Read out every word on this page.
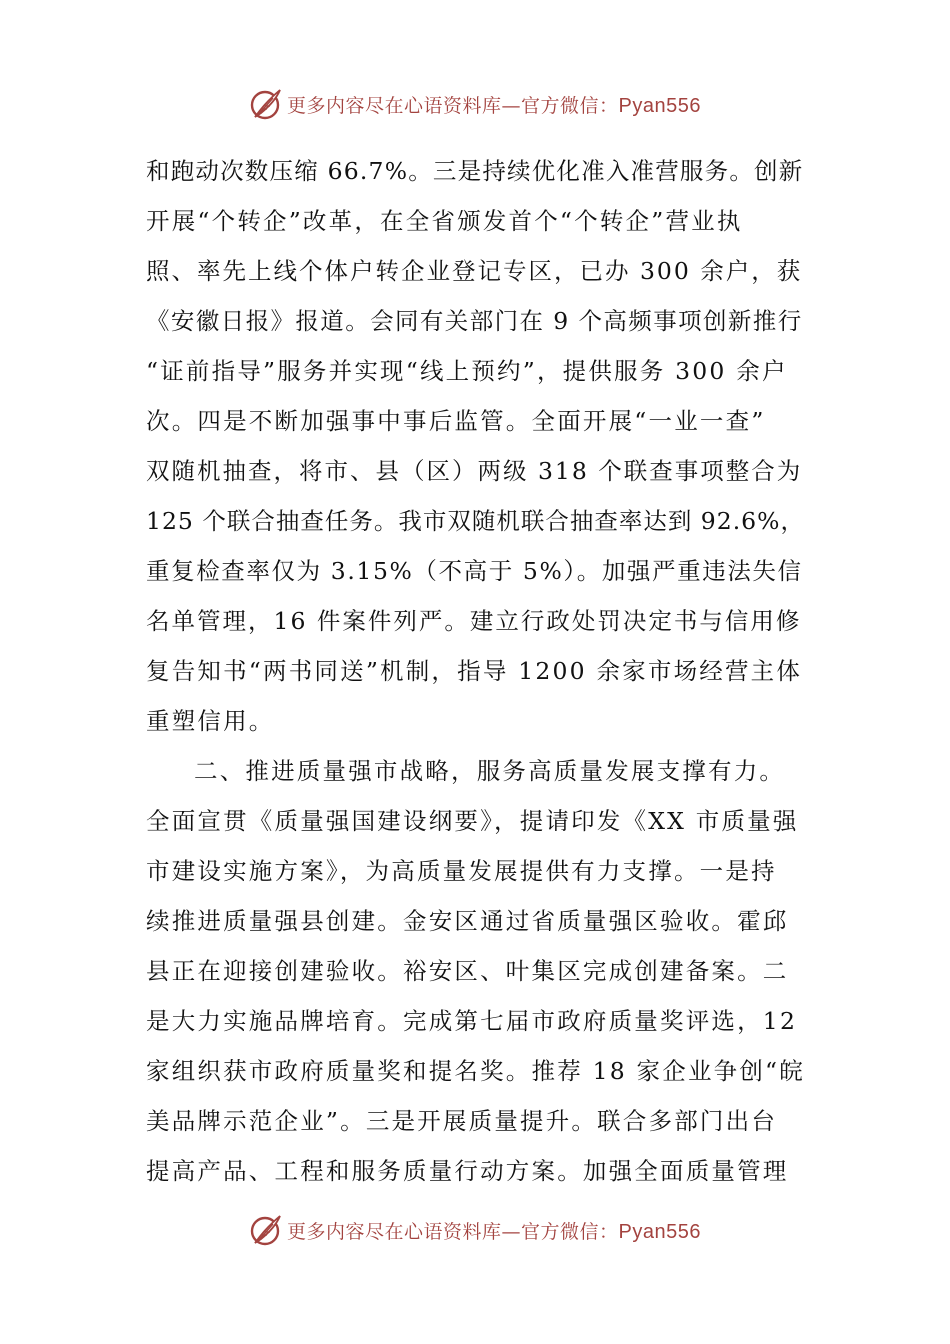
更多内容尽在心语资料库—官方微信：Pyan556
和跑动次数压缩 66.7%。三是持续优化准入准营服务。创新
开展“个转企”改革，在全省颁发首个“个转企”营业执
照、率先上线个体户转企业登记专区，已办 300 余户，获
《安徽日报》报道。会同有关部门在 9 个高频事项创新推行
“证前指导”服务并实现“线上预约”，提供服务 300 余户
次。四是不断加强事中事后监管。全面开展“一业一查”
双随机抽查，将市、县（区）两级 318 个联查事项整合为
125 个联合抽查任务。我市双随机联合抽查率达到 92.6%，
重复检查率仅为 3.15%（不高于 5%）。加强严重违法失信
名单管理，16 件案件列严。建立行政处罚决定书与信用修
复告知书“两书同送”机制，指导 1200 余家市场经营主体
重塑信用。
二、推进质量强市战略，服务高质量发展支撑有力。
全面宣贯《质量强国建设纲要》，提请印发《XX 市质量强
市建设实施方案》，为高质量发展提供有力支撑。一是持
续推进质量强县创建。金安区通过省质量强区验收。霍邱
县正在迎接创建验收。裕安区、叶集区完成创建备案。二
是大力实施品牌培育。完成第七届市政府质量奖评选，12
家组织获市政府质量奖和提名奖。推荐 18 家企业争创“皖
美品牌示范企业”。三是开展质量提升。联合多部门出台
提高产品、工程和服务质量行动方案。加强全面质量管理
更多内容尽在心语资料库—官方微信：Pyan556
